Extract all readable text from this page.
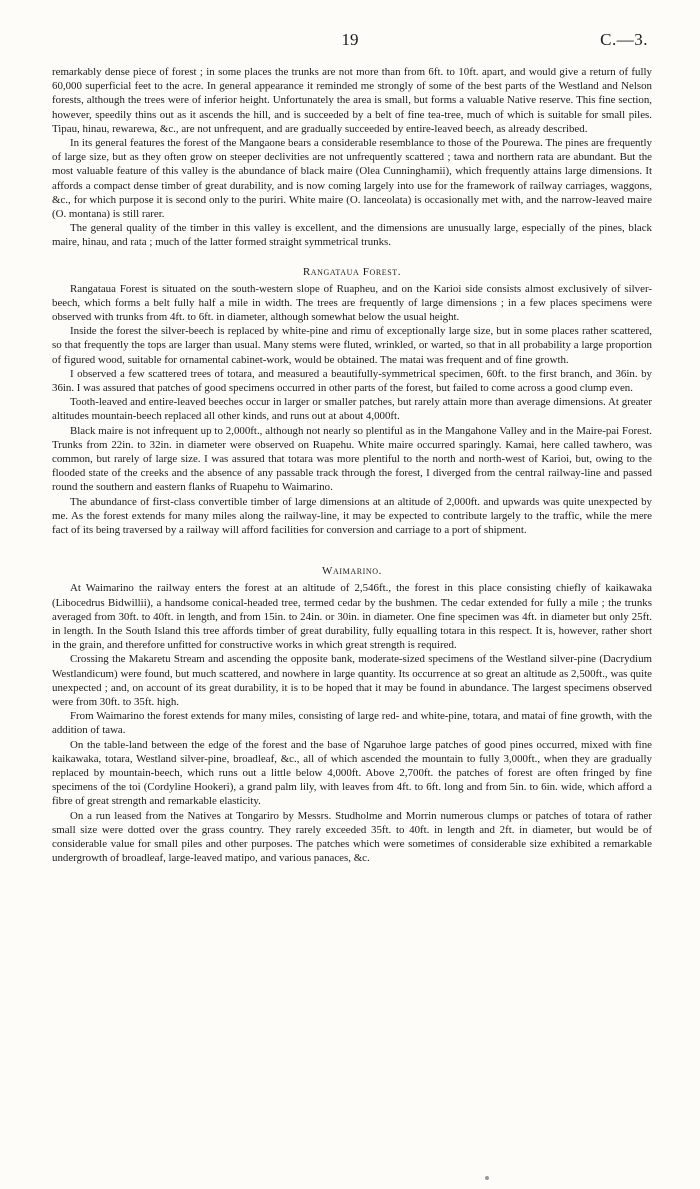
19	C.—3.

remarkably dense piece of forest ; in some places the trunks are not more than from 6ft. to 10ft. apart, and would give a return of fully 60,000 superficial feet to the acre. In general appearance it reminded me strongly of some of the best parts of the Westland and Nelson forests, although the trees were of inferior height. Unfortunately the area is small, but forms a valuable Native reserve. This fine section, however, speedily thins out as it ascends the hill, and is succeeded by a belt of fine tea-tree, much of which is suitable for small piles. Tipau, hinau, rewarewa, &c., are not unfrequent, and are gradually succeeded by entire-leaved beech, as already described.

In its general features the forest of the Mangaone bears a considerable resemblance to those of the Pourewa. The pines are frequently of large size, but as they often grow on steeper declivities are not unfrequently scattered ; tawa and northern rata are abundant. But the most valuable feature of this valley is the abundance of black maire (Olea Cunninghamii), which frequently attains large dimensions. It affords a compact dense timber of great durability, and is now coming largely into use for the framework of railway carriages, waggons, &c., for which purpose it is second only to the puriri. White maire (O. lanceolata) is occasionally met with, and the narrow-leaved maire (O. montana) is still rarer.

The general quality of the timber in this valley is excellent, and the dimensions are unusually large, especially of the pines, black maire, hinau, and rata ; much of the latter formed straight symmetrical trunks.

Rangataua Forest.

Rangataua Forest is situated on the south-western slope of Ruapheu, and on the Karioi side consists almost exclusively of silver-beech, which forms a belt fully half a mile in width. The trees are frequently of large dimensions ; in a few places specimens were observed with trunks from 4ft. to 6ft. in diameter, although somewhat below the usual height.

Inside the forest the silver-beech is replaced by white-pine and rimu of exceptionally large size, but in some places rather scattered, so that frequently the tops are larger than usual. Many stems were fluted, wrinkled, or warted, so that in all probability a large proportion of figured wood, suitable for ornamental cabinet-work, would be obtained. The matai was frequent and of fine growth.

I observed a few scattered trees of totara, and measured a beautifully-symmetrical specimen, 60ft. to the first branch, and 36in. by 36in. I was assured that patches of good specimens occurred in other parts of the forest, but failed to come across a good clump even.

Tooth-leaved and entire-leaved beeches occur in larger or smaller patches, but rarely attain more than average dimensions. At greater altitudes mountain-beech replaced all other kinds, and runs out at about 4,000ft.

Black maire is not infrequent up to 2,000ft., although not nearly so plentiful as in the Mangahone Valley and in the Maire-pai Forest. Trunks from 22in. to 32in. in diameter were observed on Ruapehu. White maire occurred sparingly. Kamai, here called tawhero, was common, but rarely of large size. I was assured that totara was more plentiful to the north and north-west of Karioi, but, owing to the flooded state of the creeks and the absence of any passable track through the forest, I diverged from the central railway-line and passed round the southern and eastern flanks of Ruapehu to Waimarino.

The abundance of first-class convertible timber of large dimensions at an altitude of 2,000ft. and upwards was quite unexpected by me. As the forest extends for many miles along the railway-line, it may be expected to contribute largely to the traffic, while the mere fact of its being traversed by a railway will afford facilities for conversion and carriage to a port of shipment.

Waimarino.

At Waimarino the railway enters the forest at an altitude of 2,546ft., the forest in this place consisting chiefly of kaikawaka (Libocedrus Bidwillii), a handsome conical-headed tree, termed cedar by the bushmen. The cedar extended for fully a mile ; the trunks averaged from 30ft. to 40ft. in length, and from 15in. to 24in. or 30in. in diameter. One fine specimen was 4ft. in diameter but only 25ft. in length. In the South Island this tree affords timber of great durability, fully equalling totara in this respect. It is, however, rather short in the grain, and therefore unfitted for constructive works in which great strength is required.

Crossing the Makaretu Stream and ascending the opposite bank, moderate-sized specimens of the Westland silver-pine (Dacrydium Westlandicum) were found, but much scattered, and nowhere in large quantity. Its occurrence at so great an altitude as 2,500ft., was quite unexpected ; and, on account of its great durability, it is to be hoped that it may be found in abundance. The largest specimens observed were from 30ft. to 35ft. high.

From Waimarino the forest extends for many miles, consisting of large red- and white-pine, totara, and matai of fine growth, with the addition of tawa.

On the table-land between the edge of the forest and the base of Ngaruhoe large patches of good pines occurred, mixed with fine kaikawaka, totara, Westland silver-pine, broadleaf, &c., all of which ascended the mountain to fully 3,000ft., when they are gradually replaced by mountain-beech, which runs out a little below 4,000ft. Above 2,700ft. the patches of forest are often fringed by fine specimens of the toi (Cordyline Hookeri), a grand palm lily, with leaves from 4ft. to 6ft. long and from 5in. to 6in. wide, which afford a fibre of great strength and remarkable elasticity.

On a run leased from the Natives at Tongariro by Messrs. Studholme and Morrin numerous clumps or patches of totara of rather small size were dotted over the grass country. They rarely exceeded 35ft. to 40ft. in length and 2ft. in diameter, but would be of considerable value for small piles and other purposes. The patches which were sometimes of considerable size exhibited a remarkable undergrowth of broadleaf, large-leaved matipo, and various panaces, &c.
